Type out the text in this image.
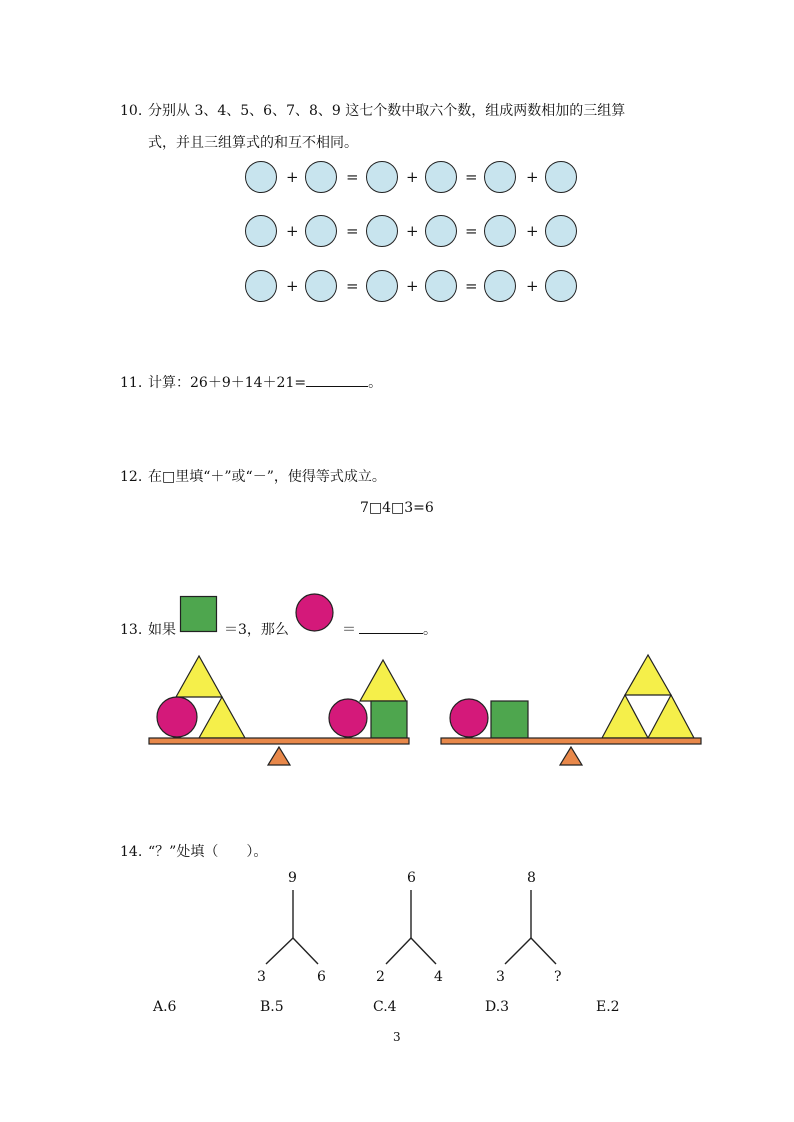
10. 分别从 3、4、5、6、7、8、9 这七个数中取六个数，组成两数相加的三组算
式，并且三组算式的和互不相同。
+	=	+	=	+
+	=	+	=	+
+	=	+	=	+
11. 计算：26＋9＋14＋21=	。
12. 在□里填“＋”或“－”，使得等式成立。
7□4□3=6
13. 如果	＝3，那么	＝	。
14. “？”处填（　　）。
9
3	6
6
2	4
8
3	?
A.6	B.5	C.4	D.3	E.2
3
